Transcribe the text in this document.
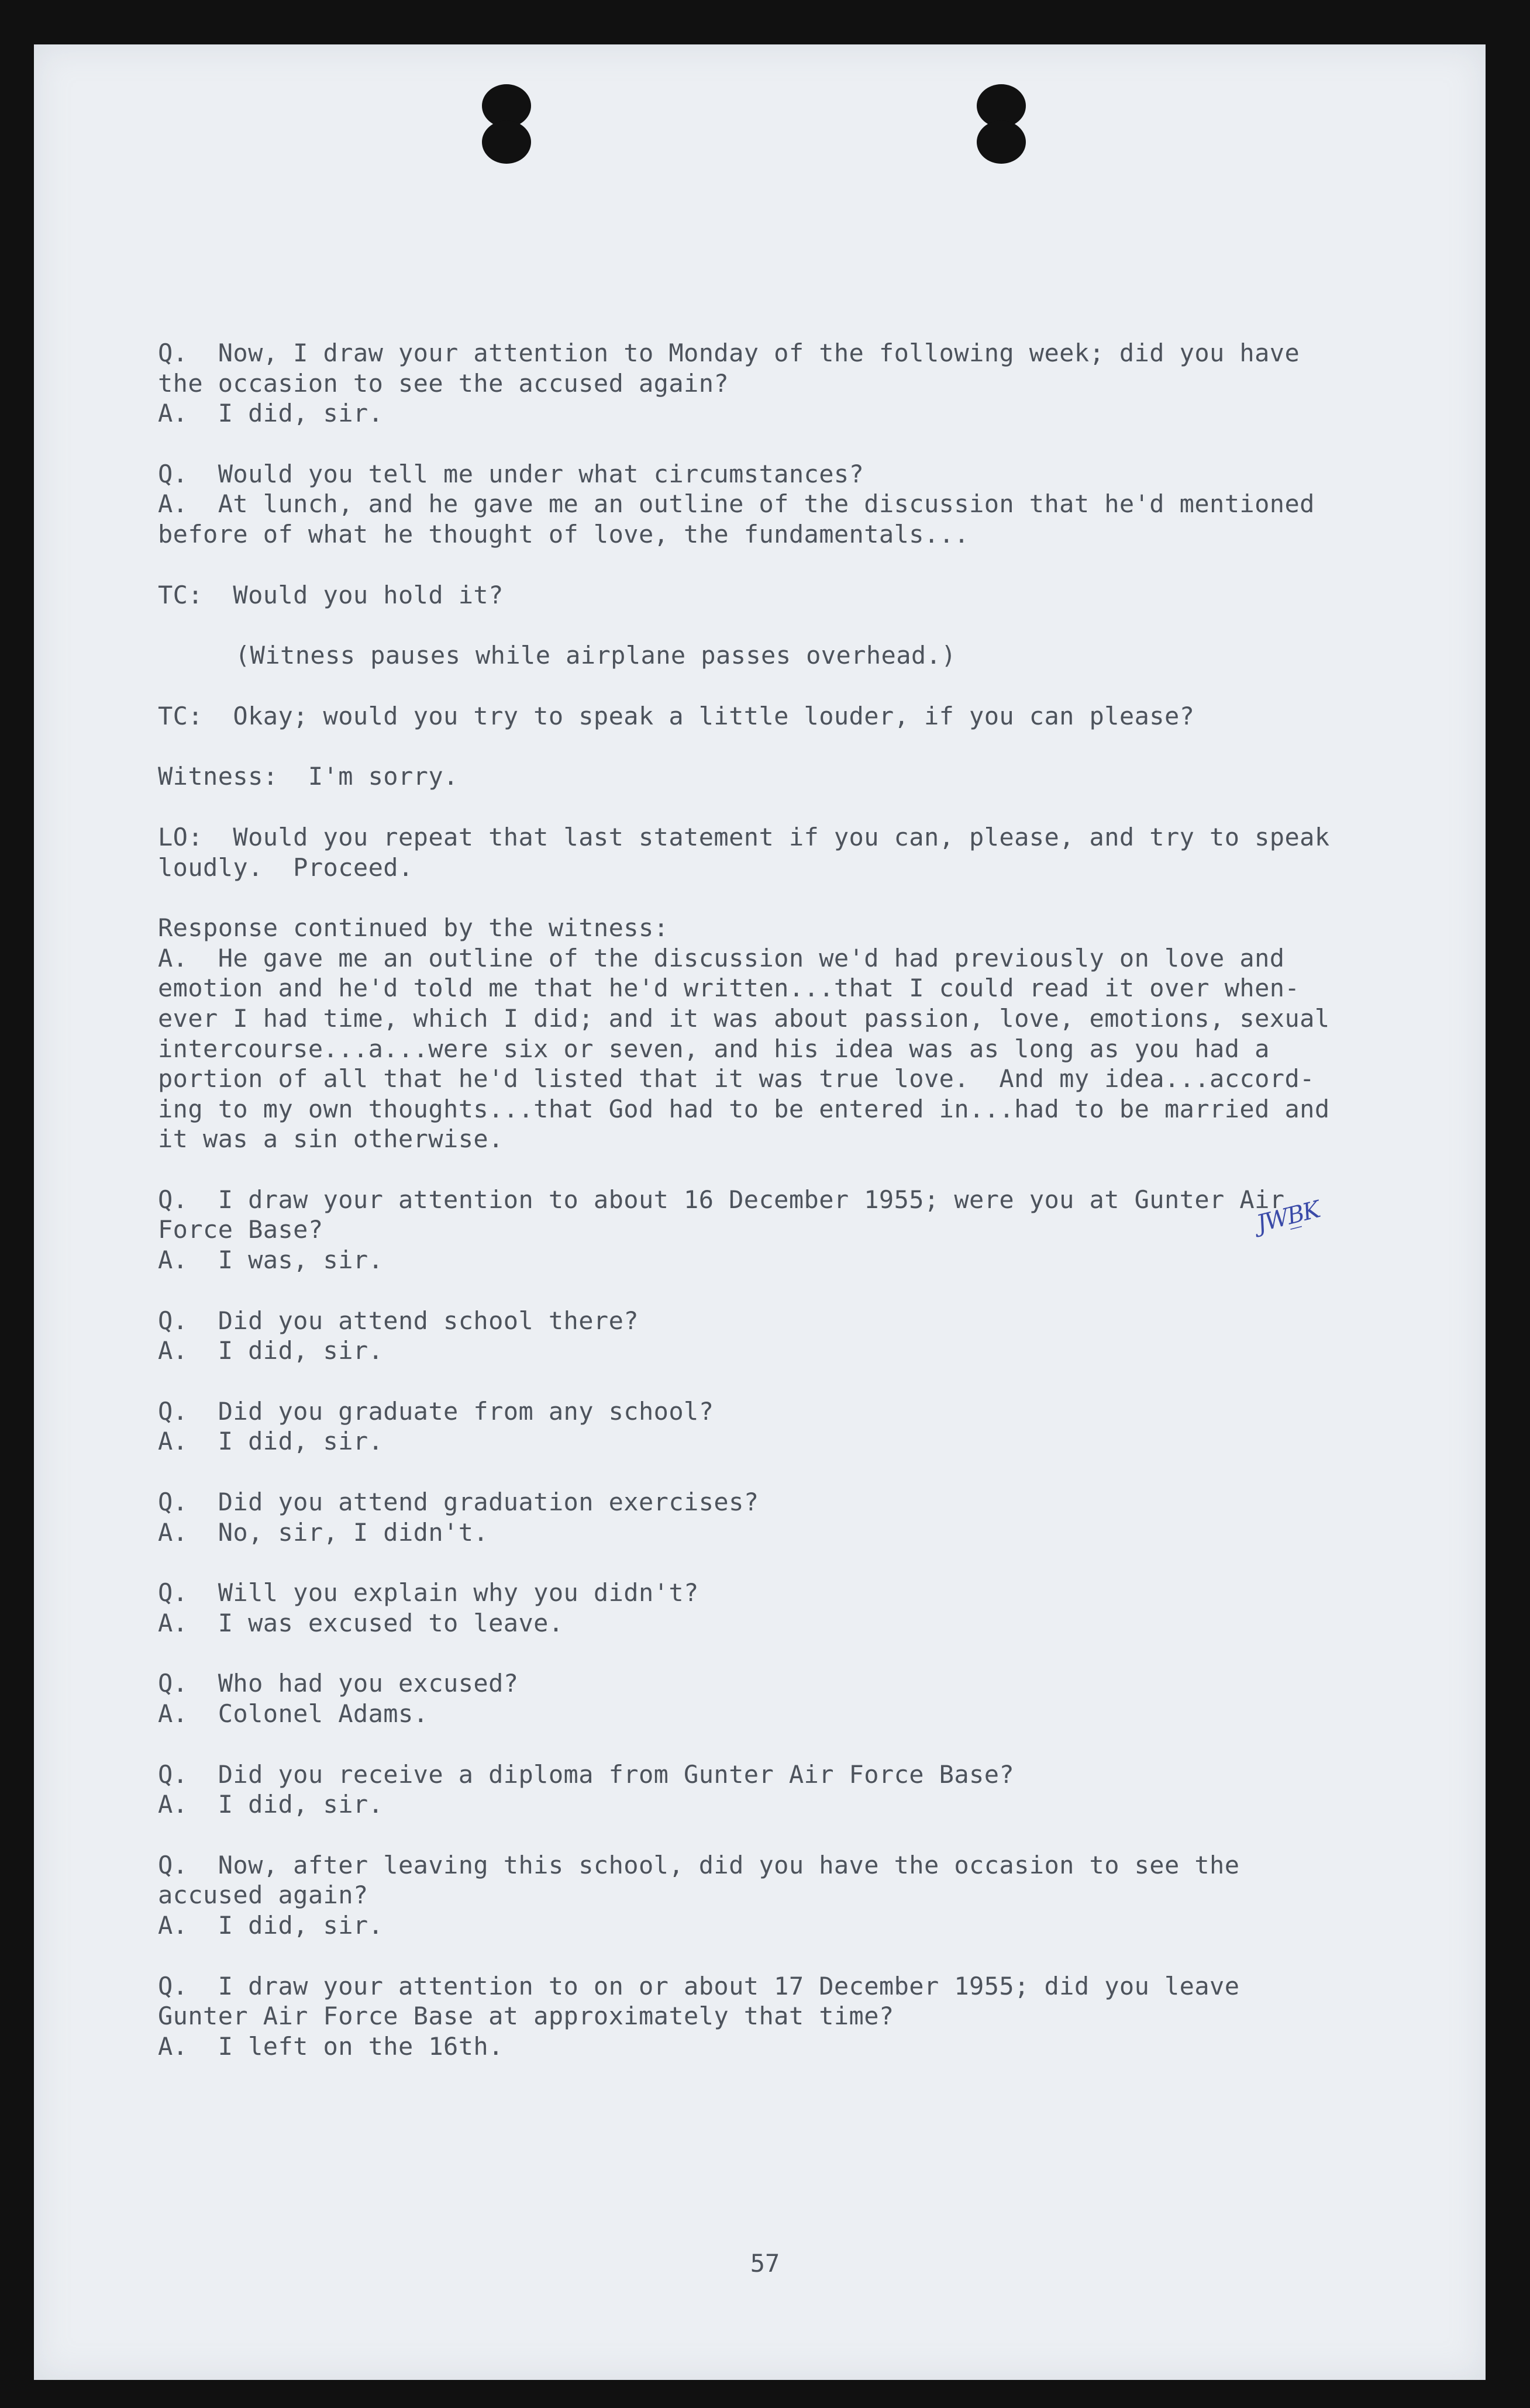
Q.  Now, I draw your attention to Monday of the following week; did you have
the occasion to see the accused again?
A.  I did, sir.
Q.  Would you tell me under what circumstances?
A.  At lunch, and he gave me an outline of the discussion that he'd mentioned
before of what he thought of love, the fundamentals...
TC:  Would you hold it?
(Witness pauses while airplane passes overhead.)
TC:  Okay; would you try to speak a little louder, if you can please?
Witness:  I'm sorry.
LO:  Would you repeat that last statement if you can, please, and try to speak
loudly.  Proceed.
Response continued by the witness:
A.  He gave me an outline of the discussion we'd had previously on love and
emotion and he'd told me that he'd written...that I could read it over when-
ever I had time, which I did; and it was about passion, love, emotions, sexual
intercourse...a...were six or seven, and his idea was as long as you had a
portion of all that he'd listed that it was true love.  And my idea...accord-
ing to my own thoughts...that God had to be entered in...had to be married and
it was a sin otherwise.
Q.  I draw your attention to about 16 December 1955; were you at Gunter Air
Force Base?
A.  I was, sir.
Q.  Did you attend school there?
A.  I did, sir.
Q.  Did you graduate from any school?
A.  I did, sir.
Q.  Did you attend graduation exercises?
A.  No, sir, I didn't.
Q.  Will you explain why you didn't?
A.  I was excused to leave.
Q.  Who had you excused?
A.  Colonel Adams.
Q.  Did you receive a diploma from Gunter Air Force Base?
A.  I did, sir.
Q.  Now, after leaving this school, did you have the occasion to see the
accused again?
A.  I did, sir.
Q.  I draw your attention to on or about 17 December 1955; did you leave
Gunter Air Force Base at approximately that time?
A.  I left on the 16th.
JWB̲K
57
